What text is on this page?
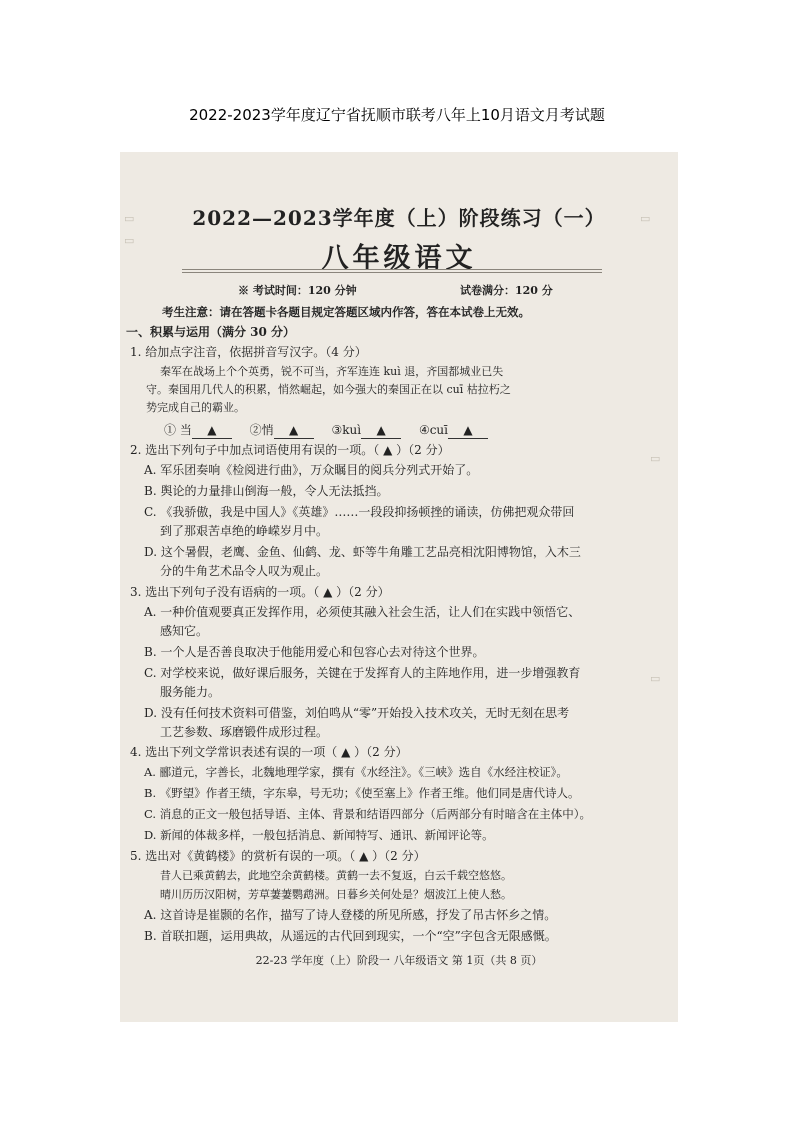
2022-2023学年度辽宁省抚顺市联考八年上10月语文月考试题
▭
▭
▭
▭
▭
2022—2023学年度（上）阶段练习（一）
八年级语文
※ 考试时间：120 分钟	试卷满分：120 分
考生注意：请在答题卡各题目规定答题区域内作答，答在本试卷上无效。
一、积累与运用（满分 30 分）
1. 给加点字注音，依据拼音写汉字。（4 分）
秦军在战场上个个英勇，锐不可当，齐军连连 kuì 退，齐国都城业已失
守。秦国用几代人的积累，悄然崛起，如今强大的秦国正在以 cuī 枯拉朽之
势完成自己的霸业。
① 当 ▲	②悄 ▲	③kuì ▲	④cuī ▲
2. 选出下列句子中加点词语使用有误的一项。（ ▲ ）（2 分）
A. 军乐团奏响《检阅进行曲》，万众瞩目的阅兵分列式开始了。
B. 舆论的力量排山倒海一般，令人无法抵挡。
C. 《我骄傲，我是中国人》《英雄》……一段段抑扬顿挫的诵读，仿佛把观众带回
到了那艰苦卓绝的峥嵘岁月中。
D. 这个暑假，老鹰、金鱼、仙鹤、龙、虾等牛角雕工艺品亮相沈阳博物馆，入木三
分的牛角艺术品令人叹为观止。
3. 选出下列句子没有语病的一项。（ ▲ ）（2 分）
A. 一种价值观要真正发挥作用，必须使其融入社会生活，让人们在实践中领悟它、
感知它。
B. 一个人是否善良取决于他能用爱心和包容心去对待这个世界。
C. 对学校来说，做好课后服务，关键在于发挥育人的主阵地作用，进一步增强教育
服务能力。
D. 没有任何技术资料可借鉴，刘伯鸣从“零”开始投入技术攻关，无时无刻在思考
工艺参数、琢磨锻件成形过程。
4. 选出下列文学常识表述有误的一项（ ▲ ）（2 分）
A. 郦道元，字善长，北魏地理学家，撰有《水经注》。《三峡》选自《水经注校证》。
B. 《野望》作者王绩，字东皋，号无功；《使至塞上》作者王维。他们同是唐代诗人。
C. 消息的正文一般包括导语、主体、背景和结语四部分（后两部分有时暗含在主体中）。
D. 新闻的体裁多样，一般包括消息、新闻特写、通讯、新闻评论等。
5. 选出对《黄鹤楼》的赏析有误的一项。（ ▲ ）（2 分）
昔人已乘黄鹤去，此地空余黄鹤楼。黄鹤一去不复返，白云千载空悠悠。
晴川历历汉阳树，芳草萋萋鹦鹉洲。日暮乡关何处是？烟波江上使人愁。
A. 这首诗是崔颢的名作，描写了诗人登楼的所见所感，抒发了吊古怀乡之情。
B. 首联扣题，运用典故，从遥远的古代回到现实，一个“空”字包含无限感慨。
22-23 学年度（上）阶段一 八年级语文 第 1页（共 8 页）
